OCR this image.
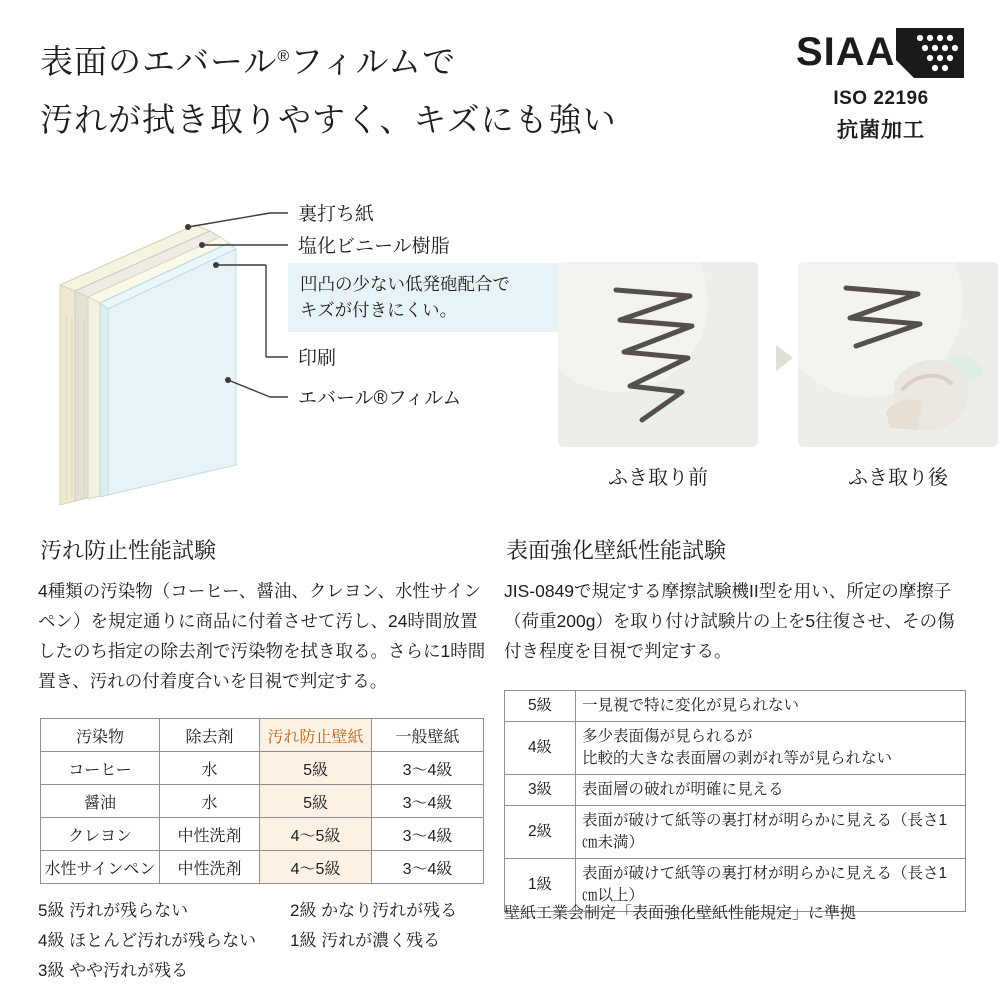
表面のエバール®フィルムで
汚れが拭き取りやすく、キズにも強い
SIAA
ISO 22196
抗菌加工
裏打ち紙
塩化ビニール樹脂
凹凸の少ない低発砲配合で
キズが付きにくい。
印刷
エバール®フィルム
ふき取り前	ふき取り後
汚れ防止性能試験
4種類の汚染物（コーヒー、醤油、クレヨン、水性サインペン）を規定通りに商品に付着させて汚し、24時間放置したのち指定の除去剤で汚染物を拭き取る。さらに1時間置き、汚れの付着度合いを目視で判定する。
汚染物	除去剤	汚れ防止壁紙	一般壁紙
コーヒー	水	5級	3〜4級
醤油	水	5級	3〜4級
クレヨン	中性洗剤	4〜5級	3〜4級
水性サインペン	中性洗剤	4〜5級	3〜4級
5級 汚れが残らない
4級 ほとんど汚れが残らない
3級 やや汚れが残る
2級 かなり汚れが残る
1級 汚れが濃く残る
表面強化壁紙性能試験
JIS-0849で規定する摩擦試験機II型を用い、所定の摩擦子（荷重200g）を取り付け試験片の上を5往復させ、その傷付き程度を目視で判定する。
5級	一見視で特に変化が見られない
4級	多少表面傷が見られるが
比較的大きな表面層の剥がれ等が見られない

3級	表面層の破れが明確に見える
2級	表面が破けて紙等の裏打材が明らかに見える（長さ1㎝未満）
1級	表面が破けて紙等の裏打材が明らかに見える（長さ1㎝以上）
壁紙工業会制定「表面強化壁紙性能規定」に準拠
